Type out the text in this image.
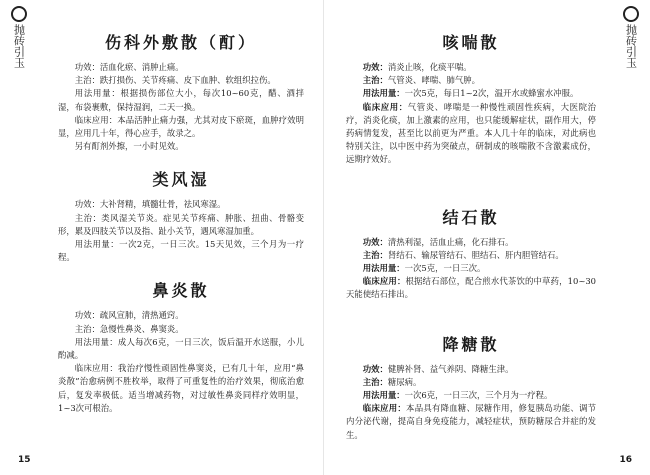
抛砖引玉	伤科外敷散（酊）

功效：活血化瘀、消肿止痛。

主治：跌打损伤、关节疼痛、皮下血肿、软组织拉伤。

用法用量：根据损伤部位大小，每次10~60克，醋、酒拌湿，布袋裹敷，保持湿润，二天一换。

临床应用：本品活肿止痛力强，尤其对皮下瘀斑，血肿疗效明显，应用几十年，得心应手，故录之。

另有酊剂外擦，一小时见效。

类风湿

功效：大补肾精，填髓壮骨，祛风寒湿。

主治：类风湿关节炎。症见关节疼痛、肿胀、扭曲、骨骼变形，累及四肢关节以及指、趾小关节，遇风寒湿加重。

用法用量：一次2克，一日三次。15天见效，三个月为一疗程。

鼻炎散

功效：疏风宣肺，清热通窍。

主治：急慢性鼻炎、鼻窦炎。

用法用量：成人每次6克，一日三次，饭后温开水送服，小儿酌减。

临床应用：我治疗慢性顽固性鼻窦炎，已有几十年，应用“鼻炎散”治愈病例不胜枚举，取得了可重复性的治疗效果，彻底治愈后，复发率极低。适当增减药物，对过敏性鼻炎同样疗效明显，1~3次可根治。

15
抛砖引玉
咳喘散

功效：消炎止咳，化痰平喘。

主治：气管炎、哮喘、肺气肿。

用法用量：一次5克，每日1~2次，温开水或蜂蜜水冲服。

临床应用：气管炎、哮喘是一种慢性顽固性疾病，大医院治疗，消炎化痰，加上激素的应用，也只能缓解症状，副作用大，停药病情复发，甚至比以前更为严重。本人几十年的临床，对此病也特别关注，以中医中药为突破点，研制成的咳喘散不含激素成份，远期疗效好。

结石散

功效：清热利湿，活血止痛，化石排石。

主治：肾结石、输尿管结石、胆结石、肝内胆管结石。

用法用量：一次5克，一日三次。

临床应用：根据结石部位，配合煎水代茶饮的中草药，10~30天能使结石排出。

降糖散

功效：健脾补肾、益气养阴、降糖生津。

主治：糖尿病。

用法用量：一次6克，一日三次，三个月为一疗程。

临床应用：本品具有降血糖、尿糖作用，修复胰岛功能、调节内分泌代谢，提高自身免疫能力，减轻症状，预防糖尿合并症的发生。

16
